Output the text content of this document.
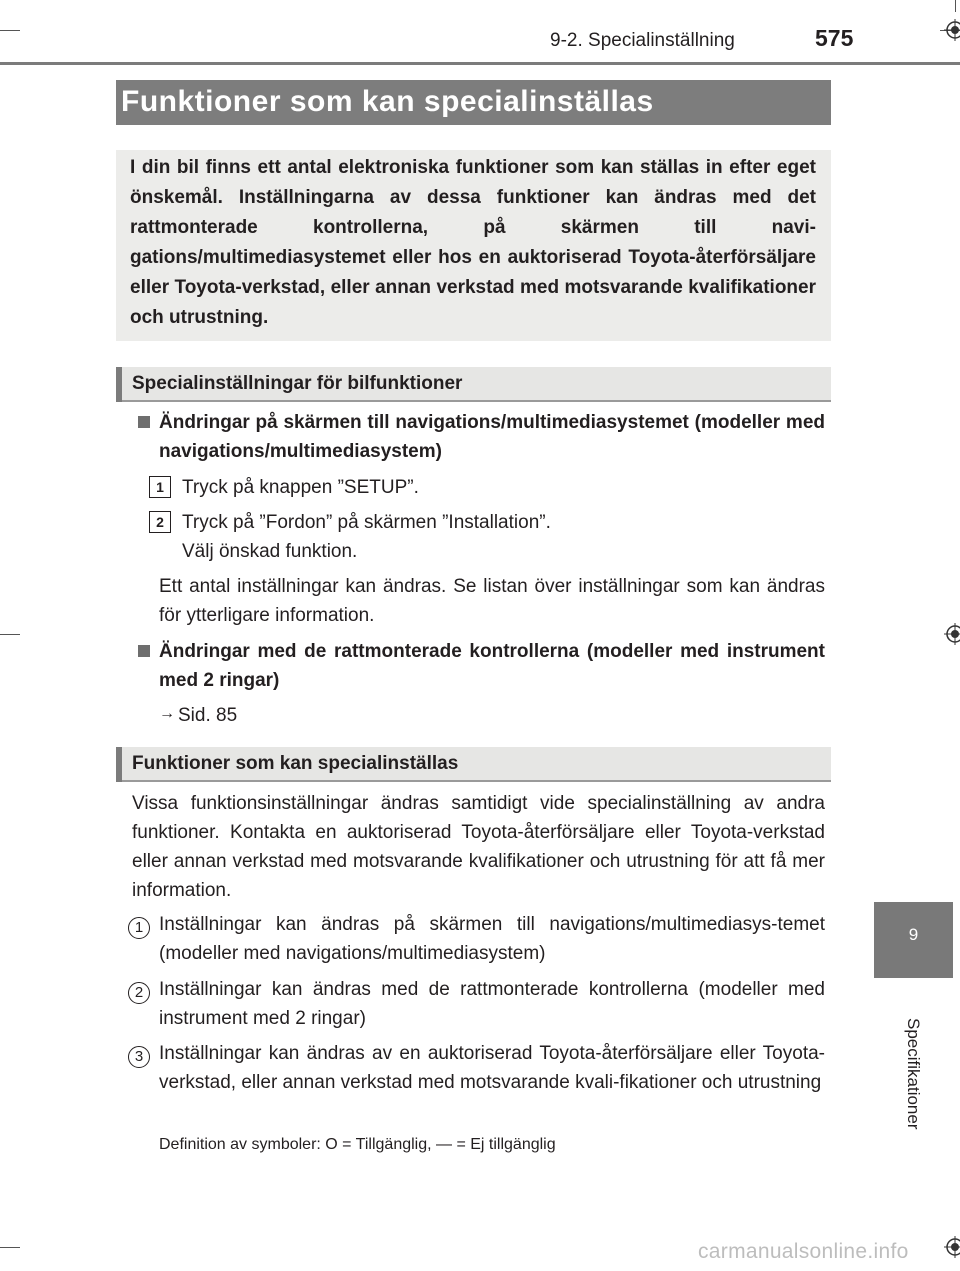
9-2. Specialinställning	575
9
Specifikationer
Funktioner som kan specialinställas
I din bil finns ett antal elektroniska funktioner som kan ställas in efter eget önskemål. Inställningarna av dessa funktioner kan ändras med det rattmonterade kontrollerna, på skärmen till navi-gations/multimediasystemet eller hos en auktoriserad Toyota-återförsäljare eller Toyota-verkstad, eller annan verkstad med motsvarande kvalifikationer och utrustning.
Specialinställningar för bilfunktioner
Ändringar på skärmen till navigations/multimediasystemet (modeller med navigations/multimediasystem)
1 Tryck på knappen ”SETUP”.
2 Tryck på ”Fordon” på skärmen ”Installation”.
Välj önskad funktion.
Ett antal inställningar kan ändras. Se listan över inställningar som kan ändras för ytterligare information.
Ändringar med de rattmonterade kontrollerna (modeller med instrument med 2 ringar)
→ Sid. 85
Funktioner som kan specialinställas
Vissa funktionsinställningar ändras samtidigt vide specialinställning av andra funktioner. Kontakta en auktoriserad Toyota-återförsäljare eller Toyota-verkstad eller annan verkstad med motsvarande kvalifikationer och utrustning för att få mer information.
1 Inställningar kan ändras på skärmen till navigations/multimediasys-temet (modeller med navigations/multimediasystem)
2 Inställningar kan ändras med de rattmonterade kontrollerna (modeller med instrument med 2 ringar)
3 Inställningar kan ändras av en auktoriserad Toyota-återförsäljare eller Toyota-verkstad, eller annan verkstad med motsvarande kvali-fikationer och utrustning
Definition av symboler: O = Tillgänglig, — = Ej tillgänglig
carmanualsonline.info
